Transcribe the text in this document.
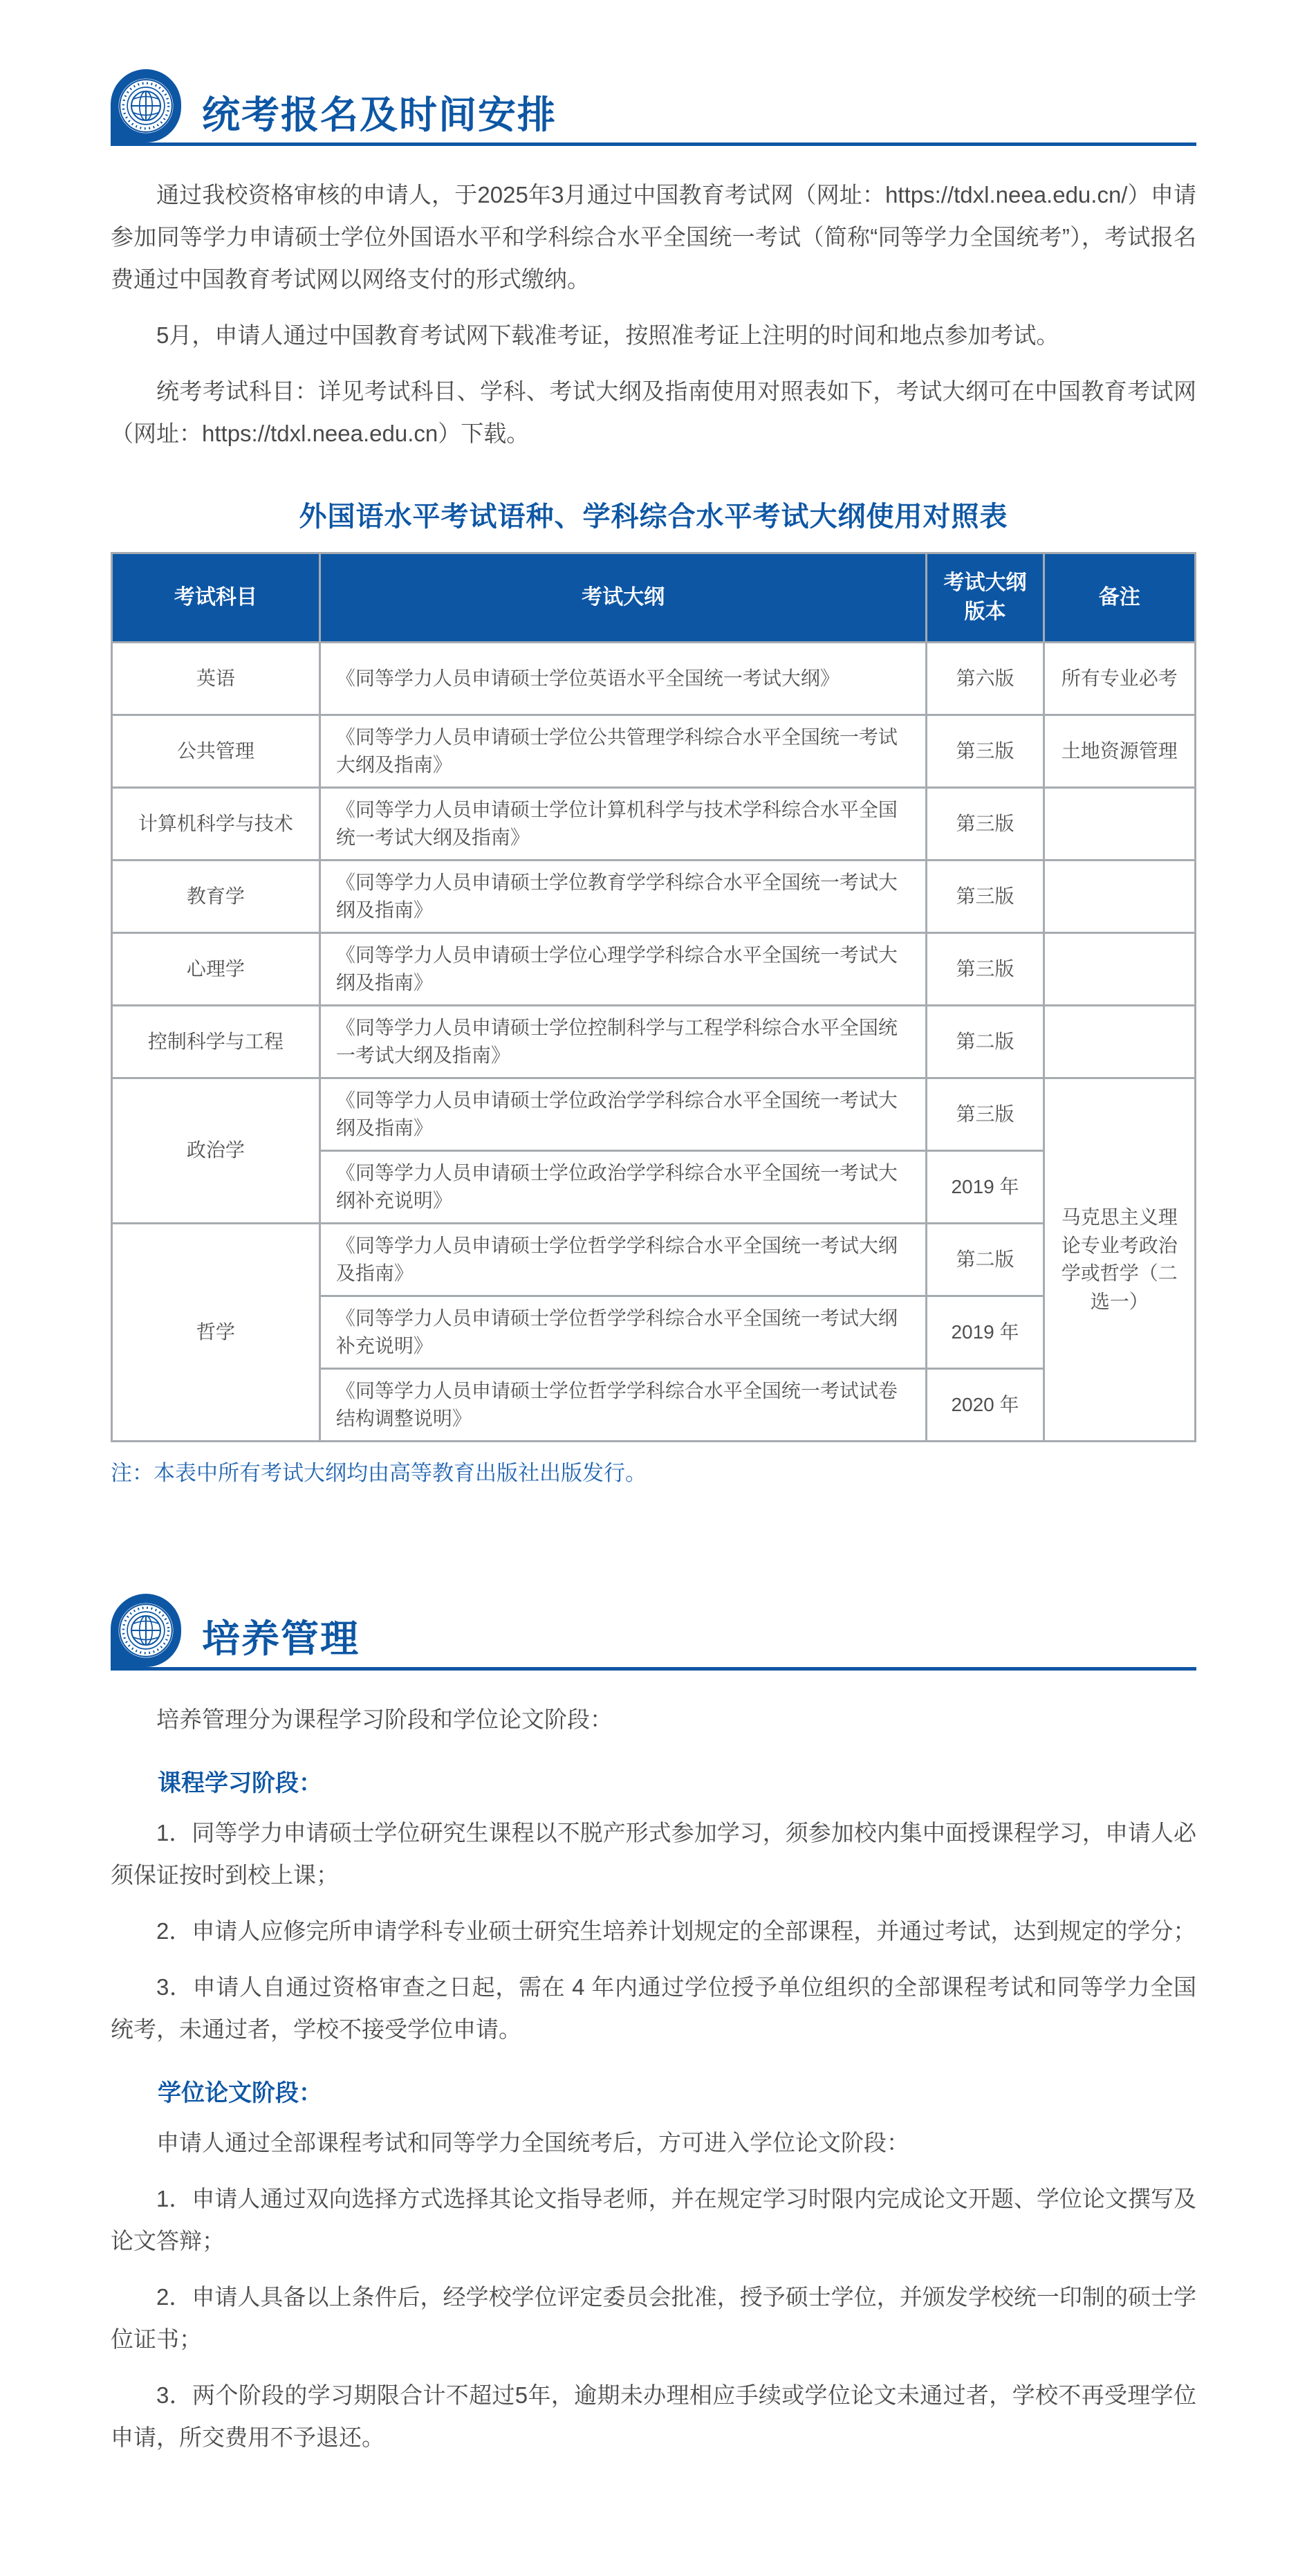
统考报名及时间安排

通过我校资格审核的申请人，于2025年3月通过中国教育考试网（网址：https://tdxl.neea.edu.cn/）申请参加同等学力申请硕士学位外国语水平和学科综合水平全国统一考试（简称“同等学力全国统考”），考试报名费通过中国教育考试网以网络支付的形式缴纳。

5月，申请人通过中国教育考试网下载准考证，按照准考证上注明的时间和地点参加考试。

统考考试科目：详见考试科目、学科、考试大纲及指南使用对照表如下，考试大纲可在中国教育考试网（网址：https://tdxl.neea.edu.cn）下载。

外国语水平考试语种、学科综合水平考试大纲使用对照表
考试科目	考试大纲	考试大纲版本	备注
英语	《同等学力人员申请硕士学位英语水平全国统一考试大纲》	第六版	所有专业必考
公共管理	《同等学力人员申请硕士学位公共管理学科综合水平全国统一考试大纲及指南》	第三版	土地资源管理
计算机科学与技术	《同等学力人员申请硕士学位计算机科学与技术学科综合水平全国统一考试大纲及指南》	第三版	
教育学	《同等学力人员申请硕士学位教育学学科综合水平全国统一考试大纲及指南》	第三版	
心理学	《同等学力人员申请硕士学位心理学学科综合水平全国统一考试大纲及指南》	第三版	
控制科学与工程	《同等学力人员申请硕士学位控制科学与工程学科综合水平全国统一考试大纲及指南》	第二版	
政治学	《同等学力人员申请硕士学位政治学学科综合水平全国统一考试大纲及指南》	第三版	马克思主义理论专业考政治学或哲学（二选一）
	《同等学力人员申请硕士学位政治学学科综合水平全国统一考试大纲补充说明》	2019 年	
哲学	《同等学力人员申请硕士学位哲学学科综合水平全国统一考试大纲及指南》	第二版	
	《同等学力人员申请硕士学位哲学学科综合水平全国统一考试大纲补充说明》	2019 年	
	《同等学力人员申请硕士学位哲学学科综合水平全国统一考试试卷结构调整说明》	2020 年	

注：本表中所有考试大纲均由高等教育出版社出版发行。

培养管理

培养管理分为课程学习阶段和学位论文阶段：

课程学习阶段：

1．同等学力申请硕士学位研究生课程以不脱产形式参加学习，须参加校内集中面授课程学习，申请人必须保证按时到校上课；

2．申请人应修完所申请学科专业硕士研究生培养计划规定的全部课程，并通过考试，达到规定的学分；

3．申请人自通过资格审查之日起，需在 4 年内通过学位授予单位组织的全部课程考试和同等学力全国统考，未通过者，学校不接受学位申请。

学位论文阶段：

申请人通过全部课程考试和同等学力全国统考后，方可进入学位论文阶段：

1．申请人通过双向选择方式选择其论文指导老师，并在规定学习时限内完成论文开题、学位论文撰写及论文答辩；

2．申请人具备以上条件后，经学校学位评定委员会批准，授予硕士学位，并颁发学校统一印制的硕士学位证书；

3．两个阶段的学习期限合计不超过5年，逾期未办理相应手续或学位论文未通过者，学校不再受理学位申请，所交费用不予退还。
